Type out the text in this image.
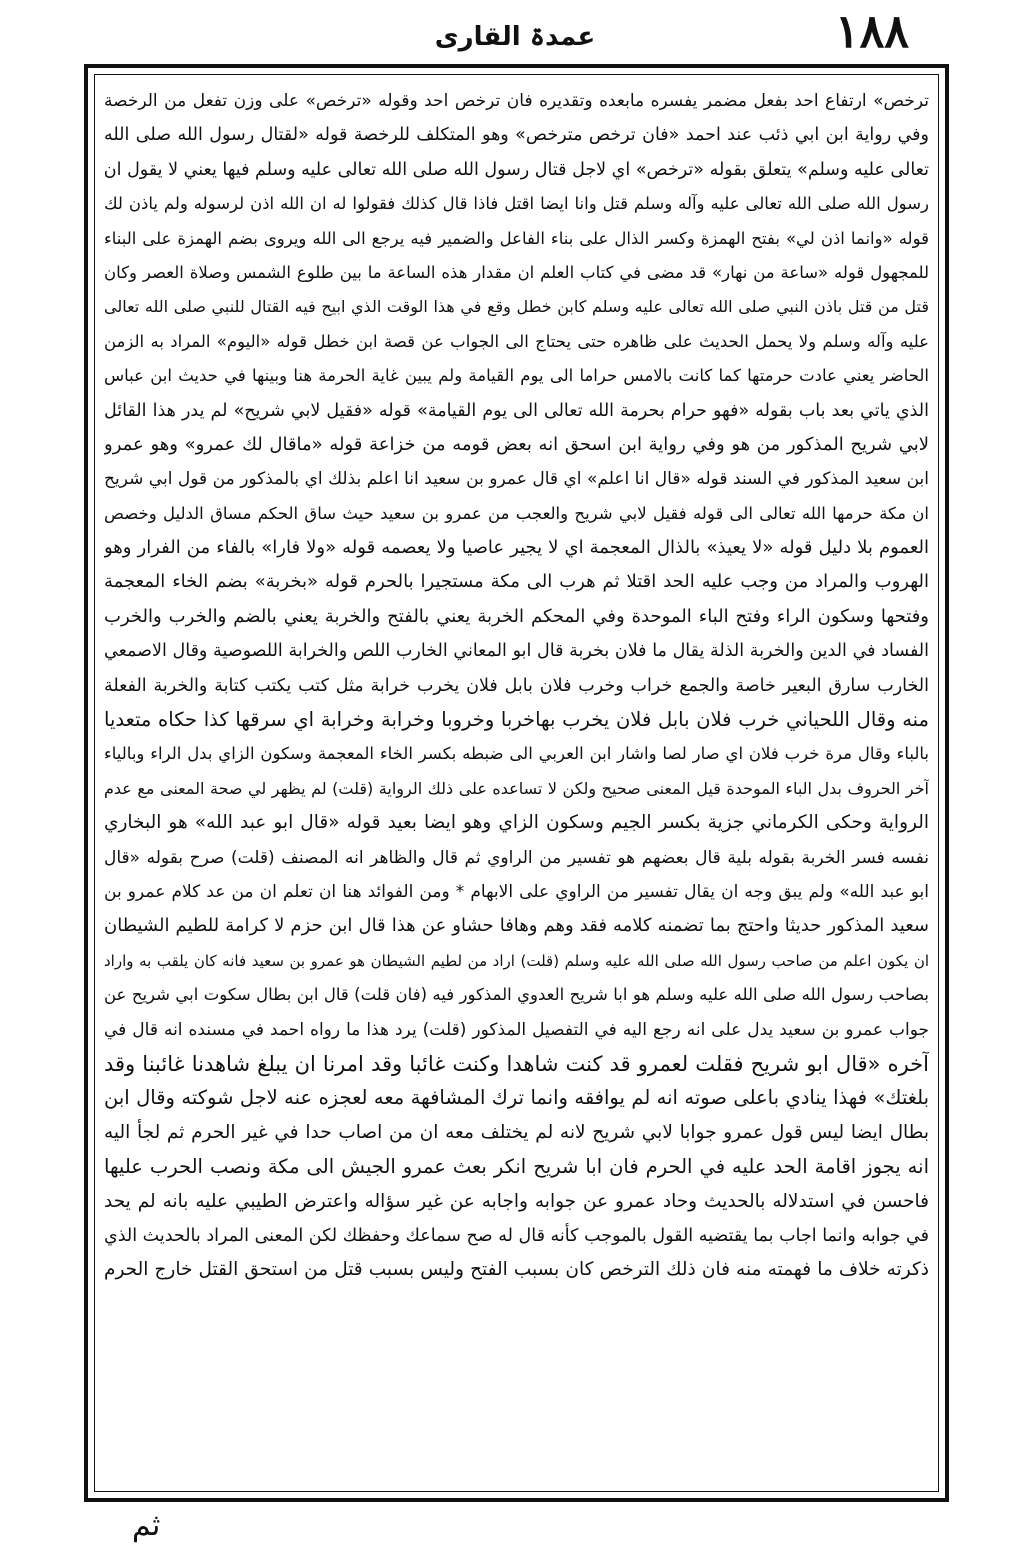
١٨٨
عمدۃ القاری
ترخص» ارتفاع احد بفعل مضمر يفسره مابعده وتقديره فان ترخص احد وقوله «ترخص» على وزن تفعل من الرخصة
وفي رواية ابن ابي ذئب عند احمد «فان ترخص مترخص» وهو المتكلف للرخصة قوله «لقتال رسول الله صلى الله
تعالى عليه وسلم» يتعلق بقوله «ترخص» اي لاجل قتال رسول الله صلى الله تعالى عليه وسلم فيها يعني لا يقول ان
رسول الله صلى الله تعالى عليه وآله وسلم قتل وانا ايضا اقتل فاذا قال كذلك فقولوا له ان الله اذن لرسوله ولم ياذن لك
قوله «وانما اذن لي» بفتح الهمزة وكسر الذال على بناء الفاعل والضمير فيه يرجع الى الله ويروى بضم الهمزة على البناء
للمجهول قوله «ساعة من نهار» قد مضى في كتاب العلم ان مقدار هذه الساعة ما بين طلوع الشمس وصلاة العصر وكان
قتل من قتل باذن النبي صلى الله تعالى عليه وسلم كابن خطل وقع في هذا الوقت الذي ابيح فيه القتال للنبي صلى الله تعالى
عليه وآله وسلم ولا يحمل الحديث على ظاهره حتى يحتاج الى الجواب عن قصة ابن خطل قوله «اليوم» المراد به الزمن
الحاضر يعني عادت حرمتها كما كانت بالامس حراما الى يوم القيامة ولم يبين غاية الحرمة هنا وبينها في حديث ابن عباس
الذي ياتي بعد باب بقوله «فهو حرام بحرمة الله تعالى الى يوم القيامة» قوله «فقيل لابي شريح» لم يدر هذا القائل
لابي شريح المذكور من هو وفي رواية ابن اسحق انه بعض قومه من خزاعة قوله «ماقال لك عمرو» وهو عمرو
ابن سعيد المذكور في السند قوله «قال انا اعلم» اي قال عمرو بن سعيد انا اعلم بذلك اي بالمذكور من قول ابي شريح
ان مكة حرمها الله تعالى الى قوله فقيل لابي شريح والعجب من عمرو بن سعيد حيث ساق الحكم مساق الدليل وخصص
العموم بلا دليل قوله «لا يعيذ» بالذال المعجمة اي لا يجير عاصيا ولا يعصمه قوله «ولا فارا» بالفاء من الفرار وهو
الهروب والمراد من وجب عليه الحد اقتلا ثم هرب الى مكة مستجيرا بالحرم قوله «بخربة» بضم الخاء المعجمة
وفتحها وسكون الراء وفتح الباء الموحدة وفي المحكم الخربة يعني بالفتح والخربة يعني بالضم والخرب والخرب
الفساد في الدين والخربة الذلة يقال ما فلان بخربة قال ابو المعاني الخارب اللص والخرابة اللصوصية وقال الاصمعي
الخارب سارق البعير خاصة والجمع خراب وخرب فلان بابل فلان يخرب خرابة مثل كتب يكتب كتابة والخربة الفعلة
منه وقال اللحياني خرب فلان بابل فلان يخرب بهاخربا وخروبا وخرابة وخرابة اي سرقها كذا حكاه متعديا
بالباء وقال مرة خرب فلان اي صار لصا واشار ابن العربي الى ضبطه بكسر الخاء المعجمة وسكون الزاي بدل الراء وبالياء
آخر الحروف بدل الباء الموحدة قيل المعنى صحيح ولكن لا تساعده على ذلك الرواية (قلت) لم يظهر لي صحة المعنى مع عدم
الرواية وحكى الكرماني جزية بكسر الجيم وسكون الزاي وهو ايضا بعيد قوله «قال ابو عبد الله» هو البخاري
نفسه فسر الخربة بقوله بلية قال بعضهم هو تفسير من الراوي ثم قال والظاهر انه المصنف (قلت) صرح بقوله «قال
ابو عبد الله» ولم يبق وجه ان يقال تفسير من الراوي على الابهام * ومن الفوائد هنا ان تعلم ان من عد كلام عمرو بن
سعيد المذكور حديثا واحتج بما تضمنه كلامه فقد وهم وهافا حشاو عن هذا قال ابن حزم لا كرامة للطيم الشيطان
ان يكون اعلم من صاحب رسول الله صلى الله عليه وسلم (قلت) اراد من لطيم الشيطان هو عمرو بن سعيد فانه كان يلقب به واراد
بصاحب رسول الله صلى الله عليه وسلم هو ابا شريح العدوي المذكور فيه (فان قلت) قال ابن بطال سكوت ابي شريح عن
جواب عمرو بن سعيد يدل على انه رجع اليه في التفصيل المذكور (قلت) يرد هذا ما رواه احمد في مسنده انه قال في
آخره «قال ابو شريح فقلت لعمرو قد كنت شاهدا وكنت غائبا وقد امرنا ان يبلغ شاهدنا غائبنا وقد
بلغتك» فهذا ينادي باعلى صوته انه لم يوافقه وانما ترك المشافهة معه لعجزه عنه لاجل شوكته وقال ابن
بطال ايضا ليس قول عمرو جوابا لابي شريح لانه لم يختلف معه ان من اصاب حدا في غير الحرم ثم لجأ اليه
انه يجوز اقامة الحد عليه في الحرم فان ابا شريح انكر بعث عمرو الجيش الى مكة ونصب الحرب عليها
فاحسن في استدلاله بالحديث وحاد عمرو عن جوابه واجابه عن غير سؤاله واعترض الطيبي عليه بانه لم يحد
في جوابه وانما اجاب بما يقتضيه القول بالموجب كأنه قال له صح سماعك وحفظك لكن المعنى المراد بالحديث الذي
ذكرته خلاف ما فهمته منه فان ذلك الترخص كان بسبب الفتح وليس بسبب قتل من استحق القتل خارج الحرم
ثم
